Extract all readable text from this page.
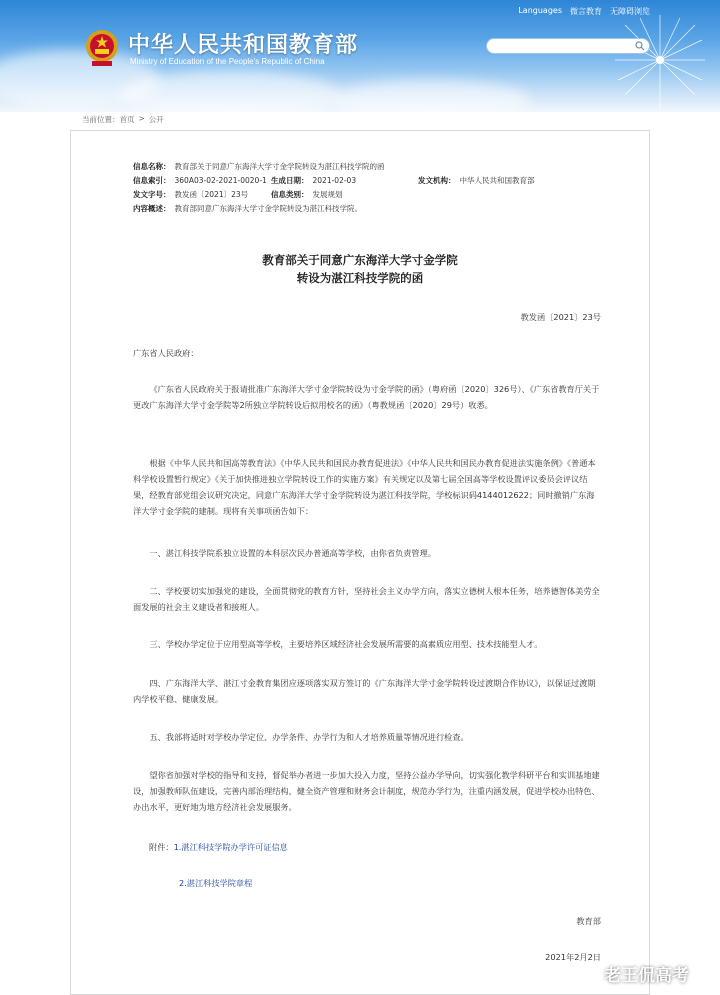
Languages 微言教育 无障碍浏览
中华人民共和国教育部
Ministry of Education of the People's Republic of China
当前位置：首页 > 公开
信息名称： 教育部关于同意广东海洋大学寸金学院转设为湛江科技学院的函
信息索引： 360A03-02-2021-0020-1 生成日期： 2021-02-03	发文机构： 中华人民共和国教育部
发文字号： 教发函〔2021〕23号	信息类别： 发展规划
内容概述： 教育部同意广东海洋大学寸金学院转设为湛江科技学院。
教育部关于同意广东海洋大学寸金学院
转设为湛江科技学院的函
教发函〔2021〕23号
广东省人民政府：
《广东省人民政府关于报请批准广东海洋大学寸金学院转设为寸金学院的函》（粤府函〔2020〕326号）、《广东省教育厅关于更改广东海洋大学寸金学院等2所独立学院转设后拟用校名的函》（粤教规函〔2020〕29号）收悉。
根据《中华人民共和国高等教育法》《中华人民共和国民办教育促进法》《中华人民共和国民办教育促进法实施条例》《普通本科学校设置暂行规定》《关于加快推进独立学院转设工作的实施方案》有关规定以及第七届全国高等学校设置评议委员会评议结果，经教育部党组会议研究决定，同意广东海洋大学寸金学院转设为湛江科技学院，学校标识码4144012622；同时撤销广东海洋大学寸金学院的建制。现将有关事项函告如下：
一、湛江科技学院系独立设置的本科层次民办普通高等学校，由你省负责管理。
二、学校要切实加强党的建设，全面贯彻党的教育方针，坚持社会主义办学方向，落实立德树人根本任务，培养德智体美劳全面发展的社会主义建设者和接班人。
三、学校办学定位于应用型高等学校，主要培养区域经济社会发展所需要的高素质应用型、技术技能型人才。
四、广东海洋大学、湛江寸金教育集团应逐项落实双方签订的《广东海洋大学寸金学院转设过渡期合作协议》，以保证过渡期内学校平稳、健康发展。
五、我部将适时对学校办学定位、办学条件、办学行为和人才培养质量等情况进行检查。
望你省加强对学校的指导和支持，督促举办者进一步加大投入力度，坚持公益办学导向，切实强化教学科研平台和实训基地建设，加强教师队伍建设，完善内部治理结构，健全资产管理和财务会计制度，规范办学行为，注重内涵发展，促进学校办出特色、办出水平，更好地为地方经济社会发展服务。
附件：1.湛江科技学院办学许可证信息
2.湛江科技学院章程
教育部
2021年2月2日
老王侃高考
